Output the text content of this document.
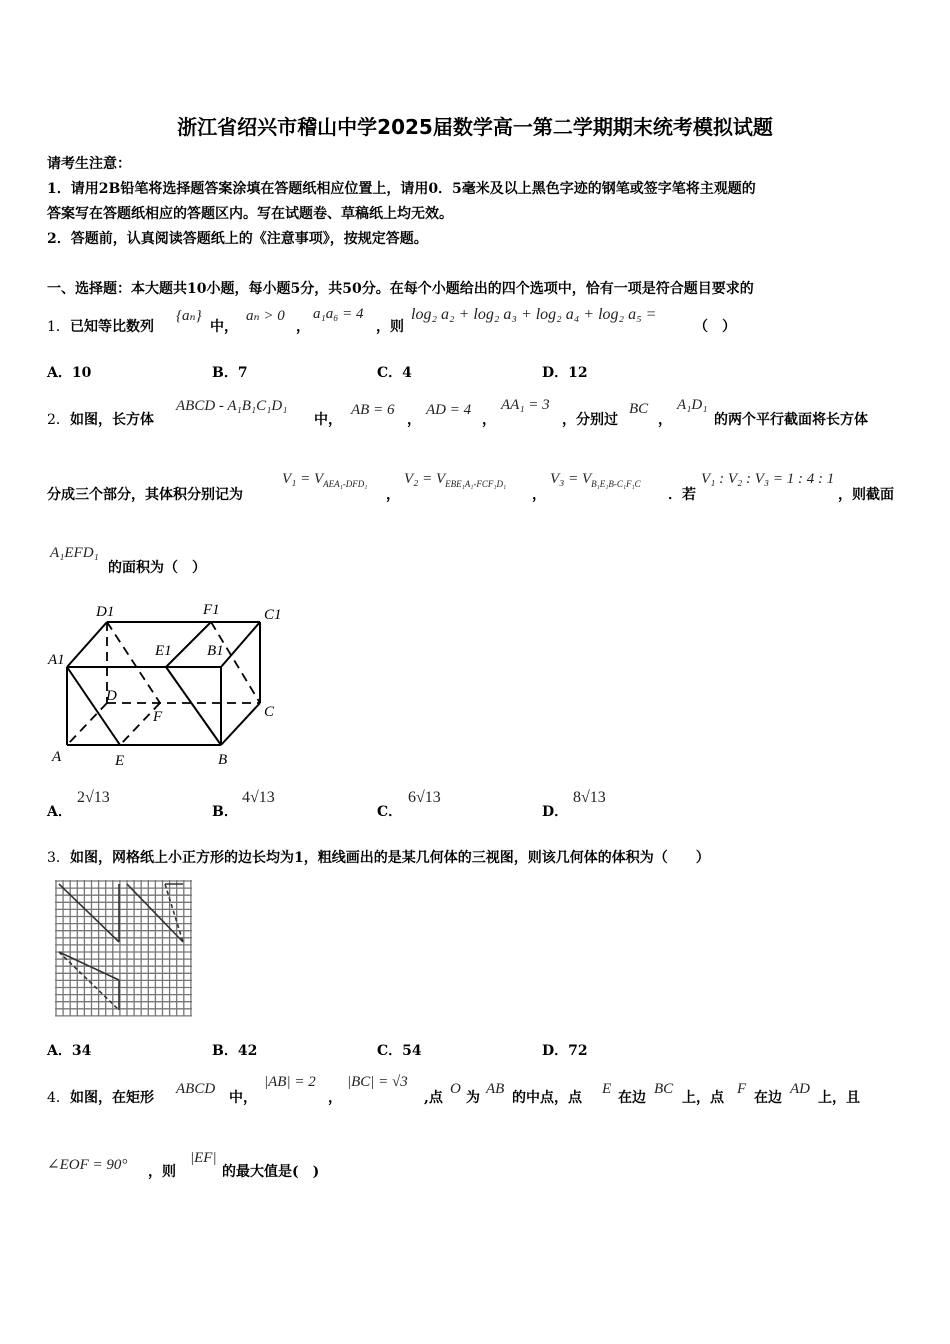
浙江省绍兴市稽山中学2025届数学高一第二学期期末统考模拟试题
请考生注意：
1．请用2B铅笔将选择题答案涂填在答题纸相应位置上，请用0．5毫米及以上黑色字迹的钢笔或签字笔将主观题的
答案写在答题纸相应的答题区内。写在试题卷、草稿纸上均无效。
2．答题前，认真阅读答题纸上的《注意事项》，按规定答题。
一、选择题：本大题共10小题，每小题5分，共50分。在每个小题给出的四个选项中，恰有一项是符合题目要求的
1． 已知等比数列
{aₙ}
中，
aₙ > 0
，
a₁a₆ = 4
，则
log₂ a₂ + log₂ a₃ + log₂ a₄ + log₂ a₅ =
（　）
A．10	B．7	C．4	D．12
2． 如图，长方体
ABCD - A₁B₁C₁D₁
中，
AB = 6
，
AD = 4
，
AA₁ = 3
，分别过
BC
，
A₁D₁
的两个平行截面将长方体
分成三个部分，其体积分别记为
$V_1 = V_{AEA_1-DFD_1}$
，
$V_2 = V_{EBE_1A_1-FCF_1D_1}$
，
$V_3 = V_{B_1E_1B-C_1F_1C}$
．若
V₁ : V₂ : V₃ = 1 : 4 : 1
，则截面
A₁EFD₁
的面积为（　）
D1	F1	C1
A1
E1 B1
D
F	C
A	E	B
A．
2√13
B．
4√13
C．
6√13
D．
8√13
3． 如图，网格纸上小正方形的边长均为1，粗线画出的是某几何体的三视图，则该几何体的体积为（　　）
A．34	B．42	C．54	D．72
4． 如图，在矩形
ABCD
中，
|AB| = 2
，
|BC| = √3
,点
O
为
AB
的中点，点
E
在边
BC
上，点
F
在边
AD
上，且
∠EOF = 90° ，则
|EF|
的最大值是(　)
